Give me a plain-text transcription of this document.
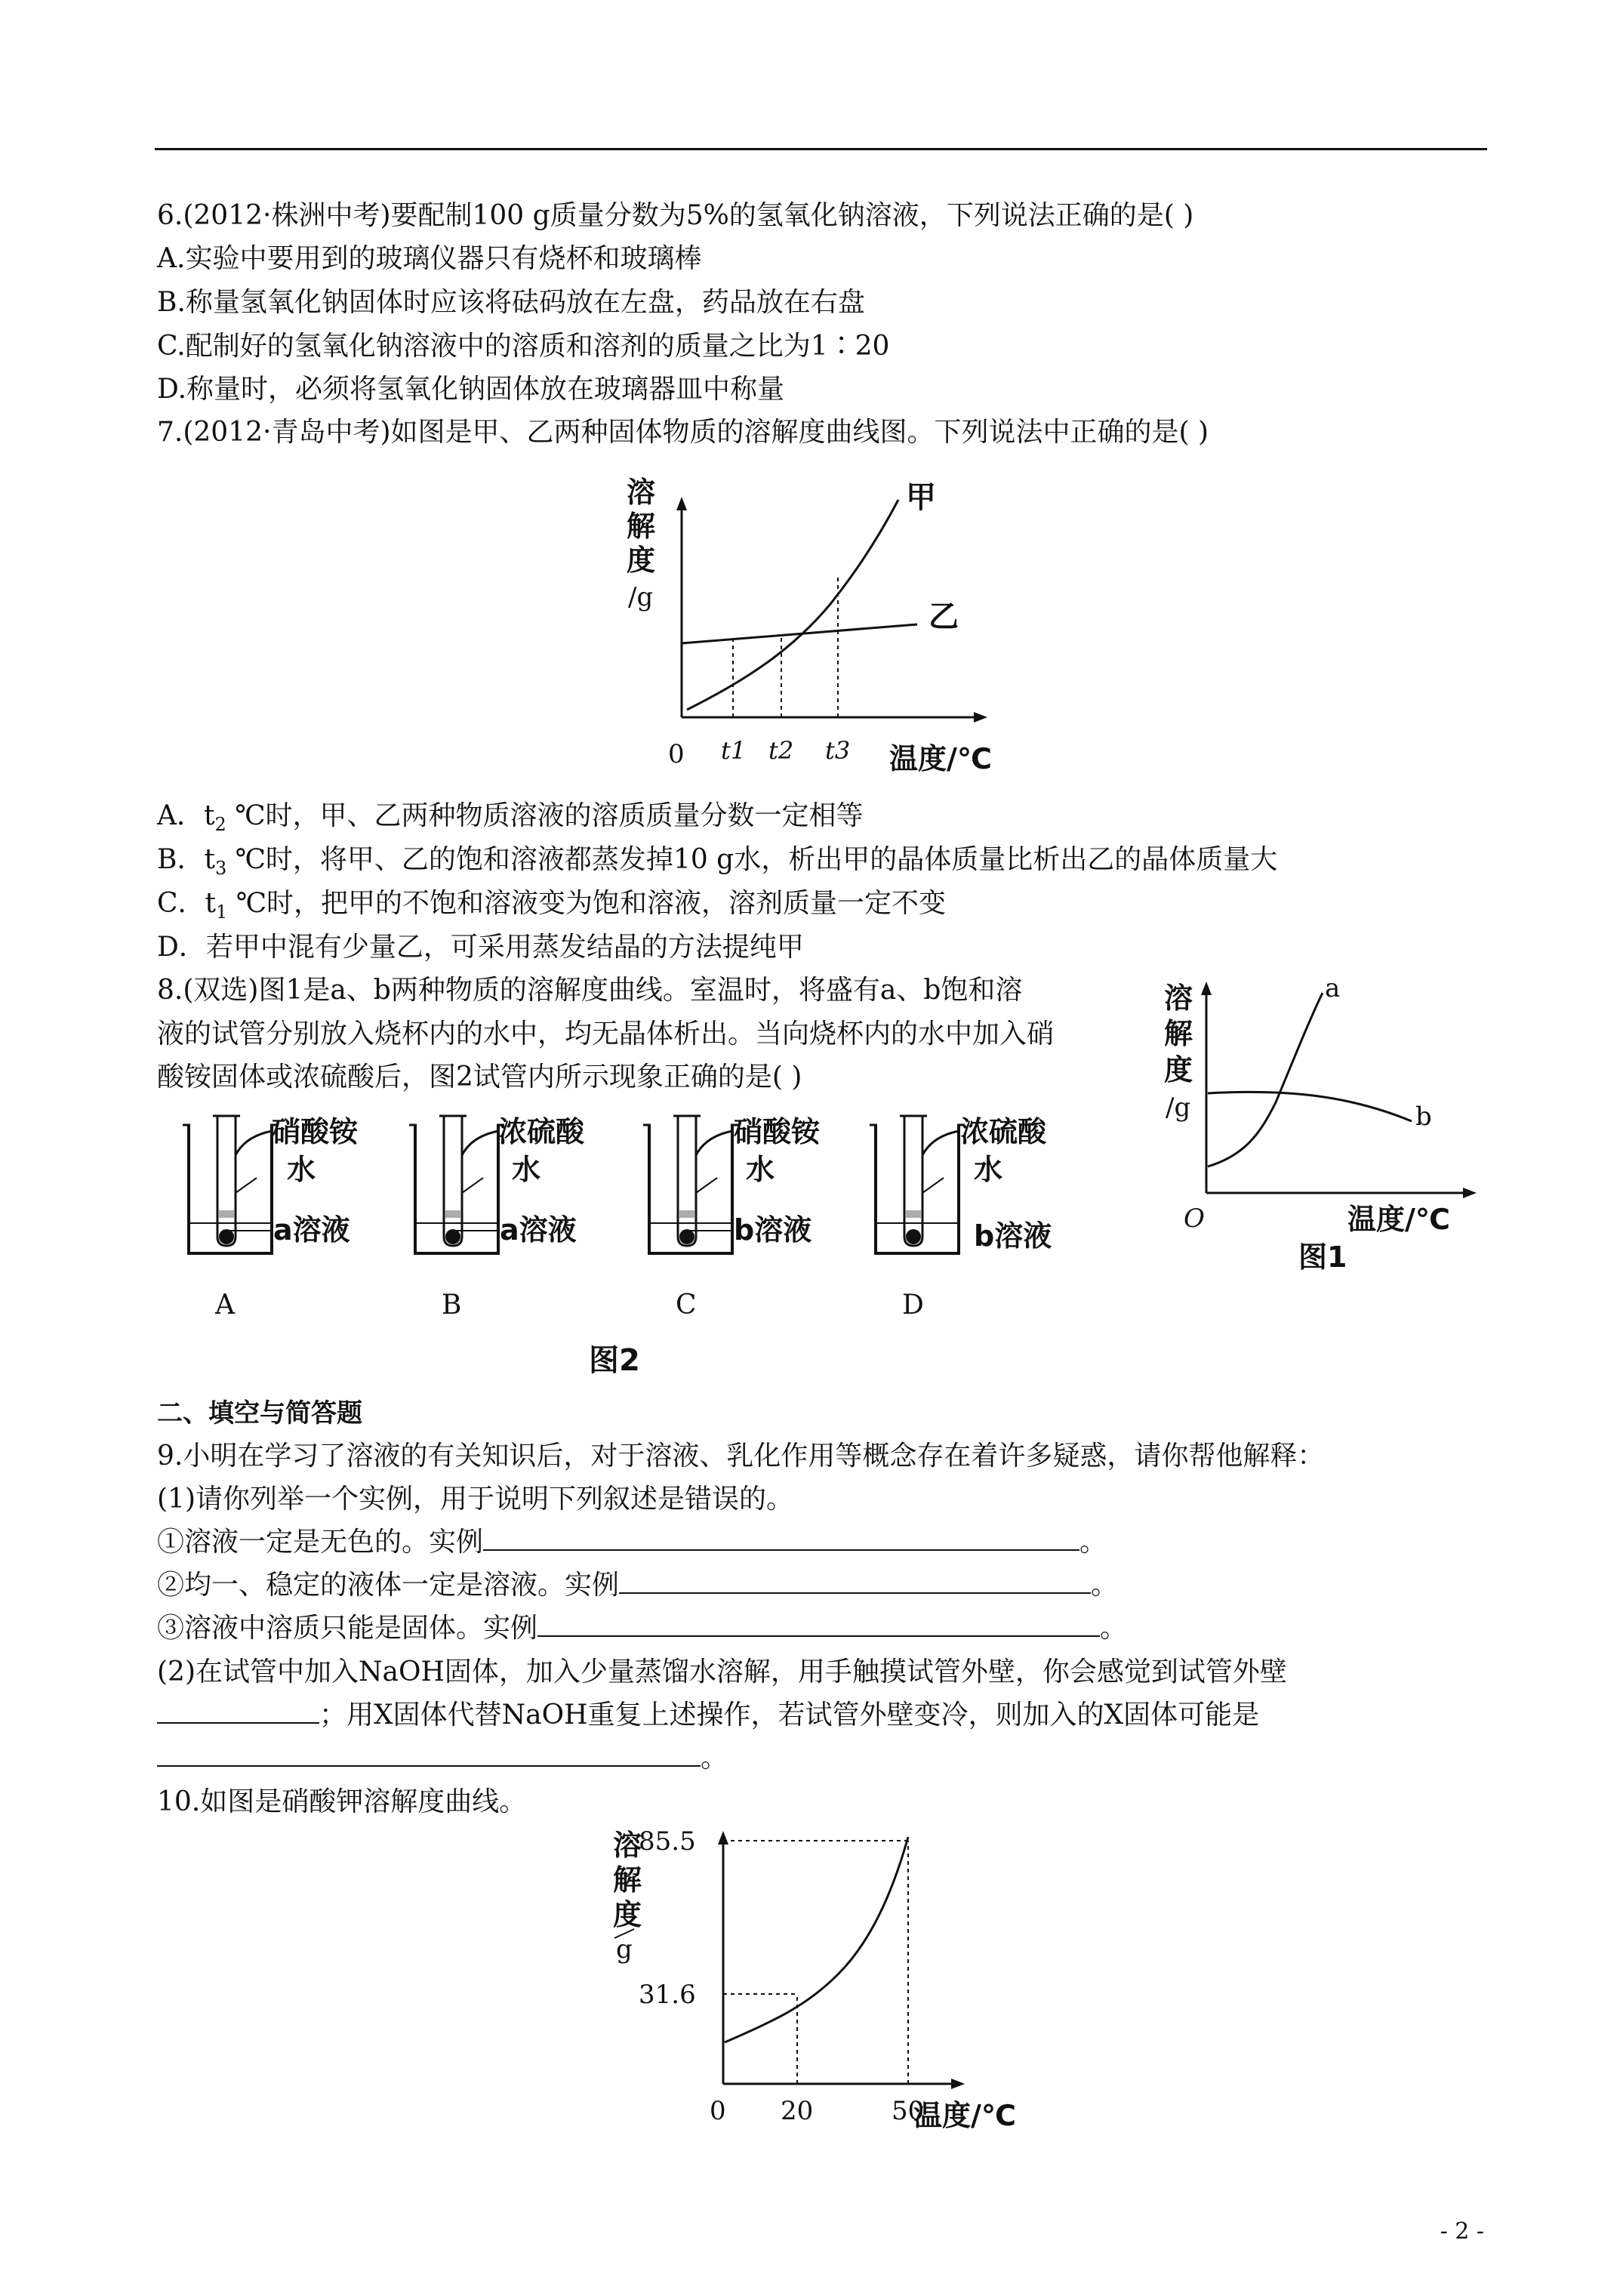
6.(2012·株洲中考)要配制100 g质量分数为5%的氢氧化钠溶液，下列说法正确的是( )
A.实验中要用到的玻璃仪器只有烧杯和玻璃棒
B.称量氢氧化钠固体时应该将砝码放在左盘，药品放在右盘
C.配制好的氢氧化钠溶液中的溶质和溶剂的质量之比为1∶20
D.称量时，必须将氢氧化钠固体放在玻璃器皿中称量
7.(2012·青岛中考)如图是甲、乙两种固体物质的溶解度曲线图。下列说法中正确的是( )
溶
解
度
/g
0 t1 t2 t3 温度/℃
甲
乙
A．$t_2$ ℃时，甲、乙两种物质溶液的溶质质量分数一定相等
B．$t_3$ ℃时，将甲、乙的饱和溶液都蒸发掉10 g水，析出甲的晶体质量比析出乙的晶体质量大
C．$t_1$ ℃时，把甲的不饱和溶液变为饱和溶液，溶剂质量一定不变
D．若甲中混有少量乙，可采用蒸发结晶的方法提纯甲
8.(双选)图1是a、b两种物质的溶解度曲线。室温时，将盛有a、b饱和溶
液的试管分别放入烧杯内的水中，均无晶体析出。当向烧杯内的水中加入硝
酸铵固体或浓硫酸后，图2试管内所示现象正确的是( )
溶
解
度
/g
a
b
O	温度/℃
图1
硝酸铵
水
a溶液
A
浓硫酸
水
a溶液
B
硝酸铵
水
b溶液
C
浓硫酸
水
b溶液
D
图2
二、填空与简答题
9.小明在学习了溶液的有关知识后，对于溶液、乳化作用等概念存在着许多疑惑，请你帮他解释：
(1)请你列举一个实例，用于说明下列叙述是错误的。
①溶液一定是无色的。实例	。
②均一、稳定的液体一定是溶液。实例	。
③溶液中溶质只能是固体。实例	。
(2)在试管中加入NaOH固体，加入少量蒸馏水溶解，用手触摸试管外壁，你会感觉到试管外壁
；用X固体代替NaOH重复上述操作，若试管外壁变冷，则加入的X固体可能是
。
10.如图是硝酸钾溶解度曲线。
溶
解
度
g
20
31.6
50
85.5
0	温度/℃
- 2 -
